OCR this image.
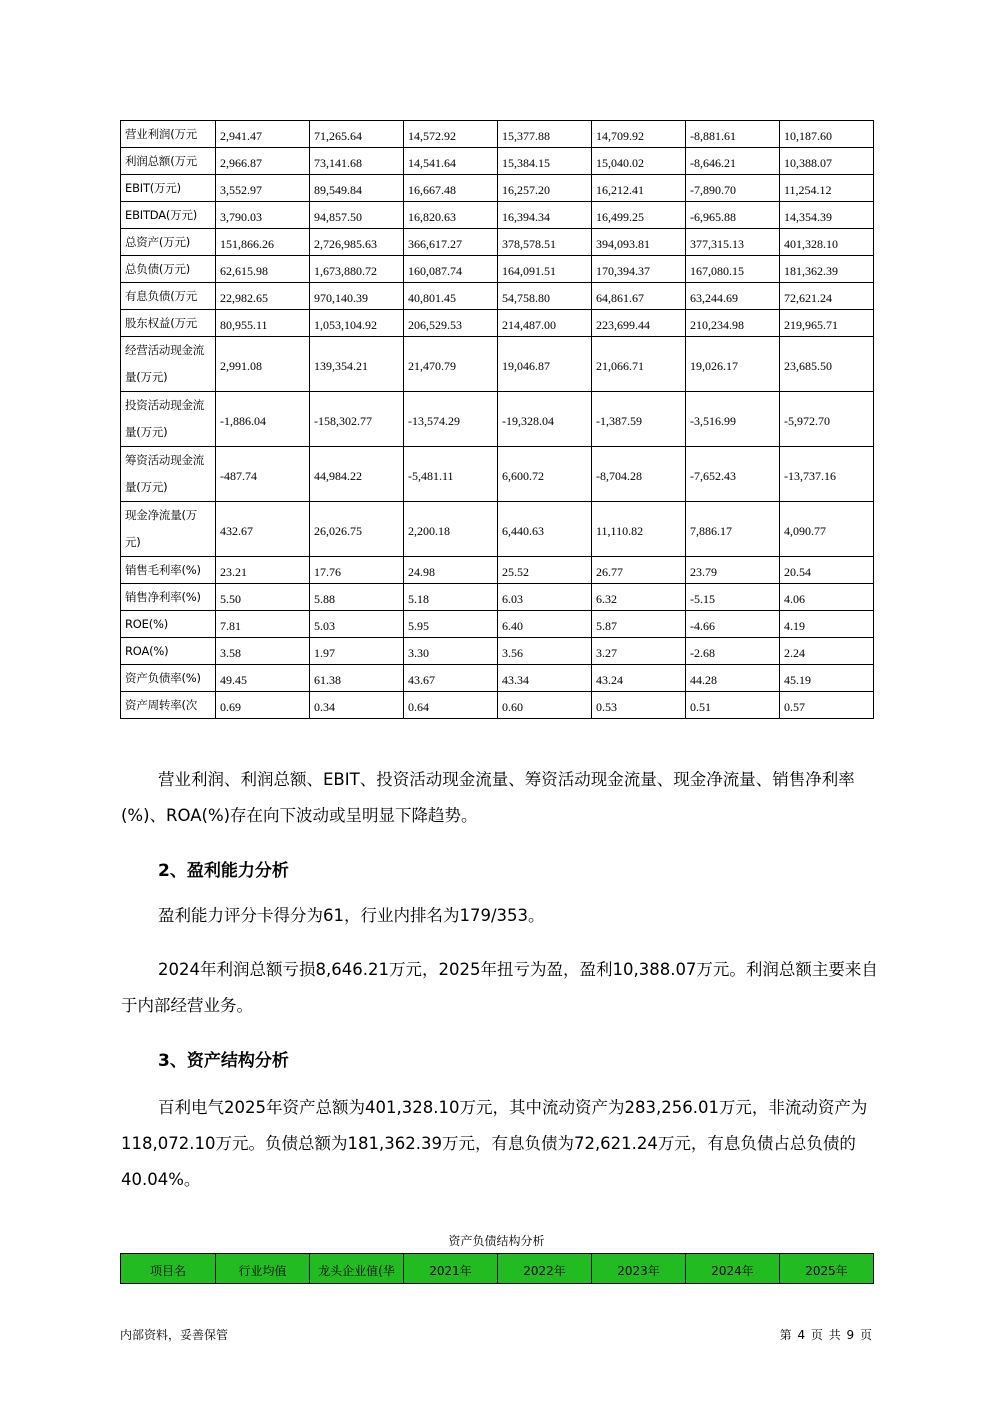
营业利润(万元	2,941.47	71,265.64	14,572.92	15,377.88	14,709.92	-8,881.61	10,187.60
利润总额(万元	2,966.87	73,141.68	14,541.64	15,384.15	15,040.02	-8,646.21	10,388.07
EBIT(万元)	3,552.97	89,549.84	16,667.48	16,257.20	16,212.41	-7,890.70	11,254.12
EBITDA(万元)	3,790.03	94,857.50	16,820.63	16,394.34	16,499.25	-6,965.88	14,354.39
总资产(万元)	151,866.26	2,726,985.63	366,617.27	378,578.51	394,093.81	377,315.13	401,328.10
总负债(万元)	62,615.98	1,673,880.72	160,087.74	164,091.51	170,394.37	167,080.15	181,362.39
有息负债(万元	22,982.65	970,140.39	40,801.45	54,758.80	64,861.67	63,244.69	72,621.24
股东权益(万元	80,955.11	1,053,104.92	206,529.53	214,487.00	223,699.44	210,234.98	219,965.71
经营活动现金流量(万元)	2,991.08	139,354.21	21,470.79	19,046.87	21,066.71	19,026.17	23,685.50
投资活动现金流量(万元)	-1,886.04	-158,302.77	-13,574.29	-19,328.04	-1,387.59	-3,516.99	-5,972.70
筹资活动现金流量(万元)	-487.74	44,984.22	-5,481.11	6,600.72	-8,704.28	-7,652.43	-13,737.16
现金净流量(万元)	432.67	26,026.75	2,200.18	6,440.63	11,110.82	7,886.17	4,090.77
销售毛利率(%)	23.21	17.76	24.98	25.52	26.77	23.79	20.54
销售净利率(%)	5.50	5.88	5.18	6.03	6.32	-5.15	4.06
ROE(%)	7.81	5.03	5.95	6.40	5.87	-4.66	4.19
ROA(%)	3.58	1.97	3.30	3.56	3.27	-2.68	2.24
资产负债率(%)	49.45	61.38	43.67	43.34	43.24	44.28	45.19
资产周转率(次	0.69	0.34	0.64	0.60	0.53	0.51	0.57

营业利润、利润总额、EBIT、投资活动现金流量、筹资活动现金流量、现金净流量、销售净利率(%)、ROA(%)存在向下波动或呈明显下降趋势。

2、盈利能力分析

盈利能力评分卡得分为61，行业内排名为179/353。

2024年利润总额亏损8,646.21万元，2025年扭亏为盈，盈利10,388.07万元。利润总额主要来自于内部经营业务。

3、资产结构分析

百利电气2025年资产总额为401,328.10万元，其中流动资产为283,256.01万元，非流动资产为118,072.10万元。负债总额为181,362.39万元，有息负债为72,621.24万元，有息负债占总负债的40.04%。

资产负债结构分析
项目名	行业均值	龙头企业值(华	2021年	2022年	2023年	2024年	2025年
内部资料，妥善保管	第 4 页 共 9 页
